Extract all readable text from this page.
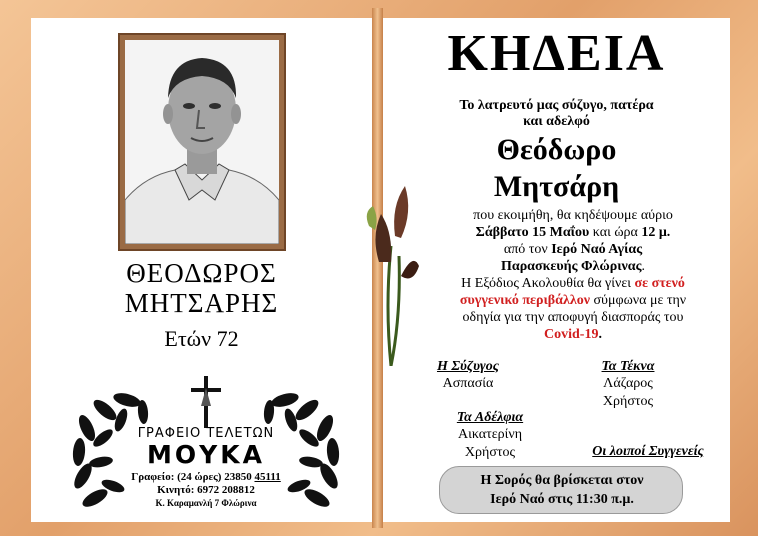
ΘΕΟΔΩΡΟΣ
ΜΗΤΣΑΡΗΣ
Ετών 72
ΓΡΑΦΕΙΟ ΤΕΛΕΤΩΝ
ΜΟΥΚΑ
Γραφείο: (24 ώρες) 23850 45111
Κινητό: 6972 208812
Κ. Καραμανλή 7 Φλώρινα
ΚΗΔΕΙΑ
Το λατρευτό μας σύζυγο, πατέρα
και αδελφό
Θεόδωρο
Μητσάρη
που εκοιμήθη, θα κηδέψουμε αύριο
Σάββατο 15 Μαΐου και ώρα 12 μ.
από τον Ιερό Ναό Αγίας
Παρασκευής Φλώρινας.
Η Εξόδιος Ακολουθία θα γίνει σε στενό
συγγενικό περιβάλλον σύμφωνα με την
οδηγία για την αποφυγή διασποράς του
Covid-19.
Η Σύζυγος
Ασπασία
Τα Τέκνα
Λάζαρος
Χρήστος
Τα Αδέλφια
Αικατερίνη
Χρήστος	Οι λοιποί Συγγενείς
Η Σορός θα βρίσκεται στον
Ιερό Ναό στις 11:30 π.μ.
